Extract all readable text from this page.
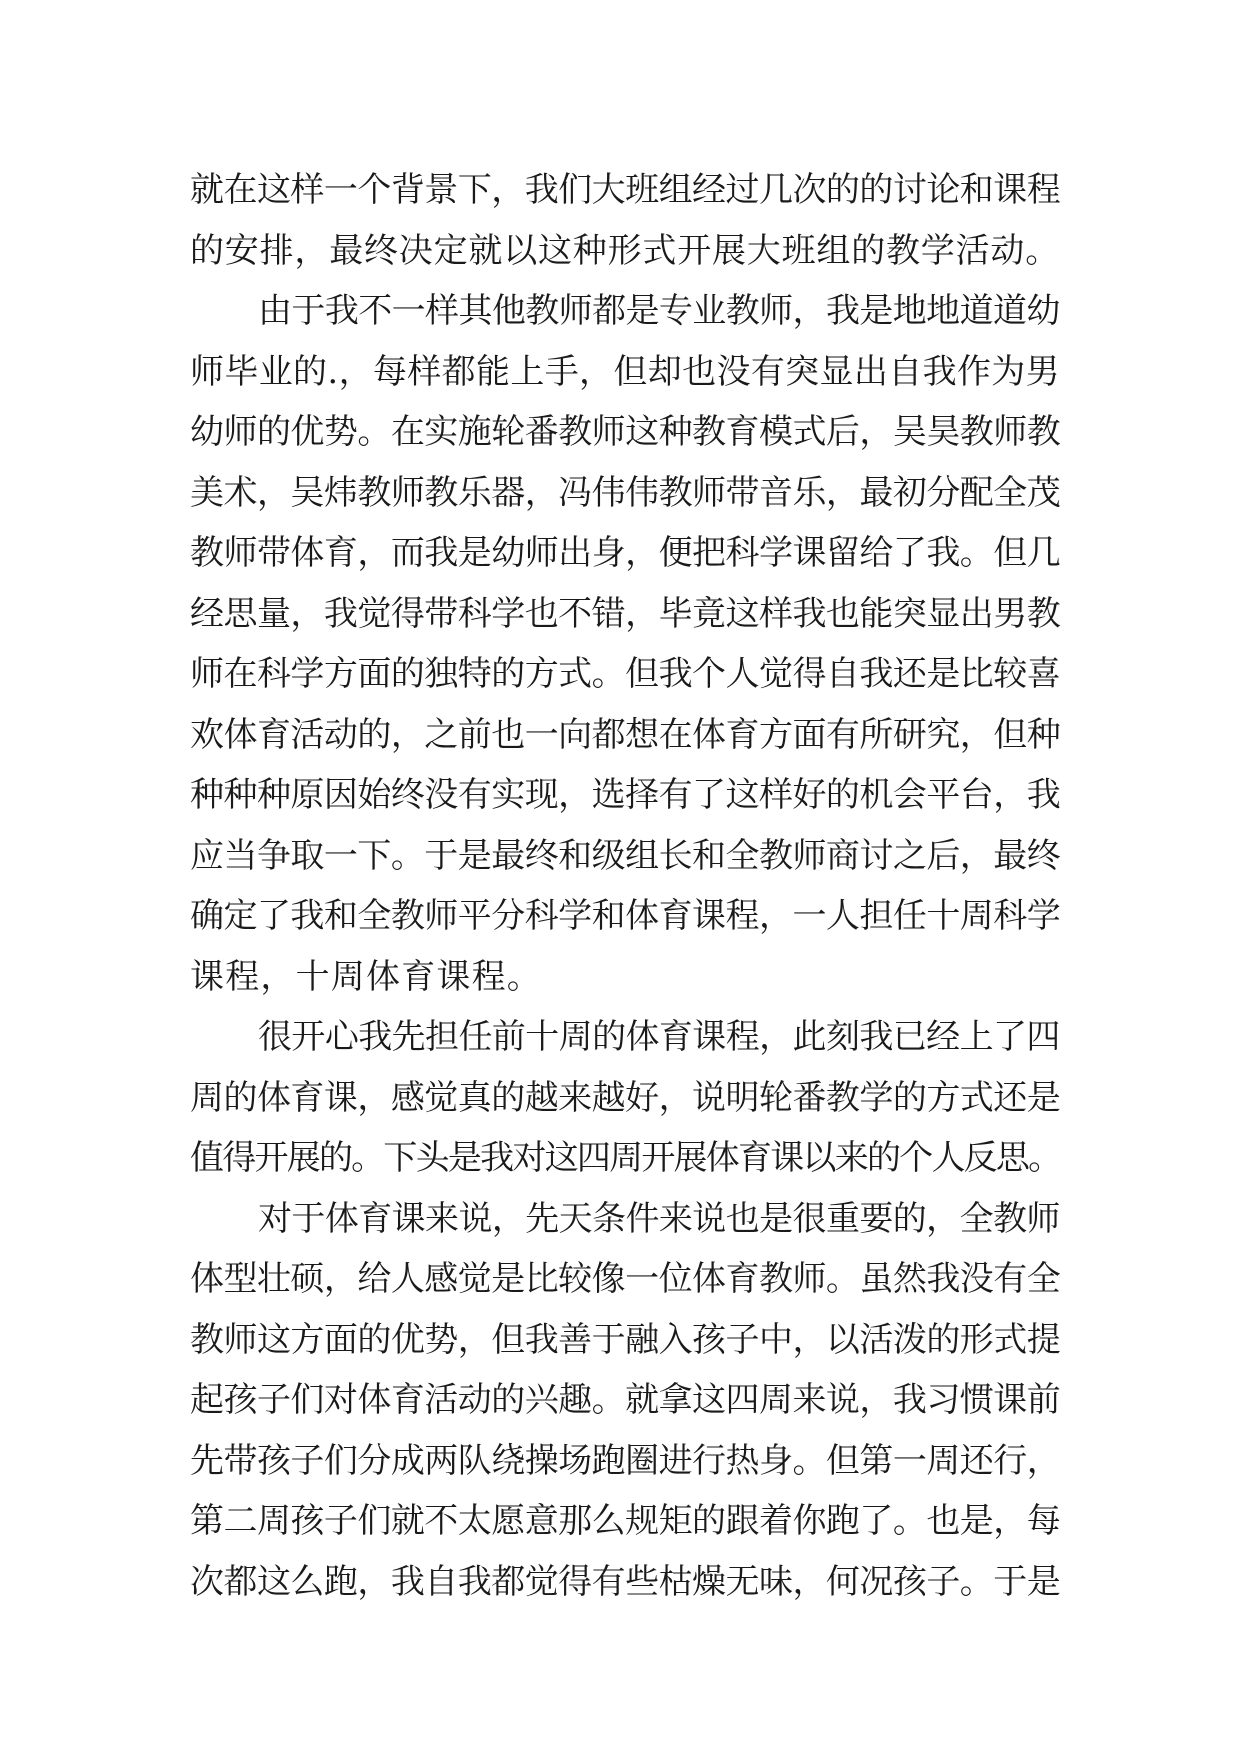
就在这样一个背景下，我们大班组经过几次的的讨论和课程
的安排，最终决定就以这种形式开展大班组的教学活动。
由于我不一样其他教师都是专业教师，我是地地道道幼
师毕业的.，每样都能上手，但却也没有突显出自我作为男
幼师的优势。在实施轮番教师这种教育模式后，吴昊教师教
美术，吴炜教师教乐器，冯伟伟教师带音乐，最初分配全茂
教师带体育，而我是幼师出身，便把科学课留给了我。但几
经思量，我觉得带科学也不错，毕竟这样我也能突显出男教
师在科学方面的独特的方式。但我个人觉得自我还是比较喜
欢体育活动的，之前也一向都想在体育方面有所研究，但种
种种种原因始终没有实现，选择有了这样好的机会平台，我
应当争取一下。于是最终和级组长和全教师商讨之后，最终
确定了我和全教师平分科学和体育课程，一人担任十周科学
课程，十周体育课程。
很开心我先担任前十周的体育课程，此刻我已经上了四
周的体育课，感觉真的越来越好，说明轮番教学的方式还是
值得开展的。下头是我对这四周开展体育课以来的个人反思。
对于体育课来说，先天条件来说也是很重要的，全教师
体型壮硕，给人感觉是比较像一位体育教师。虽然我没有全
教师这方面的优势，但我善于融入孩子中，以活泼的形式提
起孩子们对体育活动的兴趣。就拿这四周来说，我习惯课前
先带孩子们分成两队绕操场跑圈进行热身。但第一周还行，
第二周孩子们就不太愿意那么规矩的跟着你跑了。也是，每
次都这么跑，我自我都觉得有些枯燥无味，何况孩子。于是
